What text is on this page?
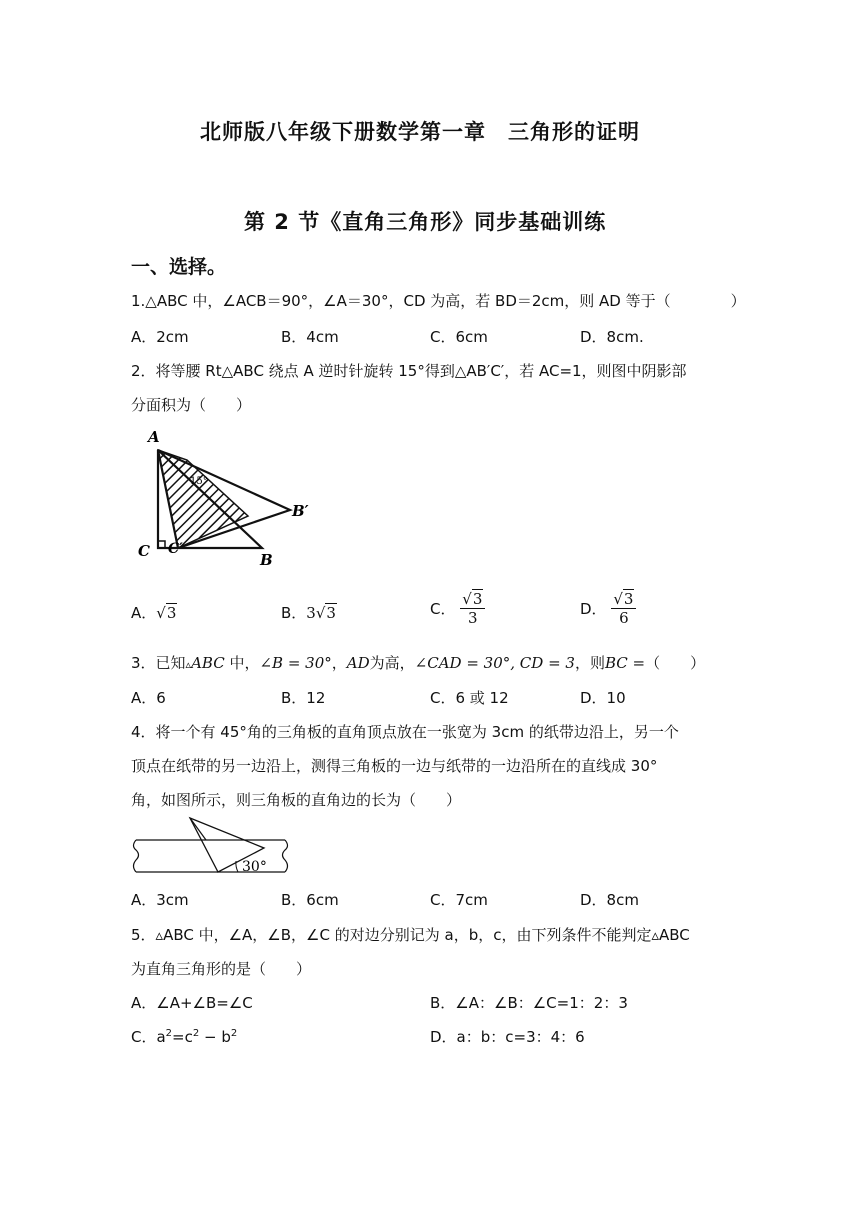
北师版八年级下册数学第一章　三角形的证明
第 2 节《直角三角形》同步基础训练
一、选择。
1.△ABC 中，∠ACB＝90°，∠A＝30°，CD 为高，若 BD＝2cm，则 AD 等于（　　　　）
A．2cm	B．4cm	C．6cm	D．8cm.
2．将等腰 Rt△ABC 绕点 A 逆时针旋转 15°得到△AB′C′，若 AC=1，则图中阴影部
分面积为（　　）
A
C C′
B
B′
15°
A．√3	B．3√3	C． $\frac{√3}{3}$	D． $\frac{√3}{6}$
3．已知▵ABC 中，∠B = 30°，AD为高，∠CAD = 30°, CD = 3，则BC =（　　）
A．6	B．12	C．6 或 12	D．10
4．将一个有 45°角的三角板的直角顶点放在一张宽为 3cm 的纸带边沿上，另一个
顶点在纸带的另一边沿上，测得三角板的一边与纸带的一边沿所在的直线成 30°
角，如图所示，则三角板的直角边的长为（　　）
30°
A．3cm	B．6cm	C．7cm	D．8cm
5．▵ABC 中，∠A，∠B，∠C 的对边分别记为 a，b，c，由下列条件不能判定▵ABC
为直角三角形的是（　　）
A．∠A+∠B=∠C	B．∠A：∠B：∠C=1：2：3
C．$a^2=c^2 - b^2$	D．a：b：c=3：4：6
